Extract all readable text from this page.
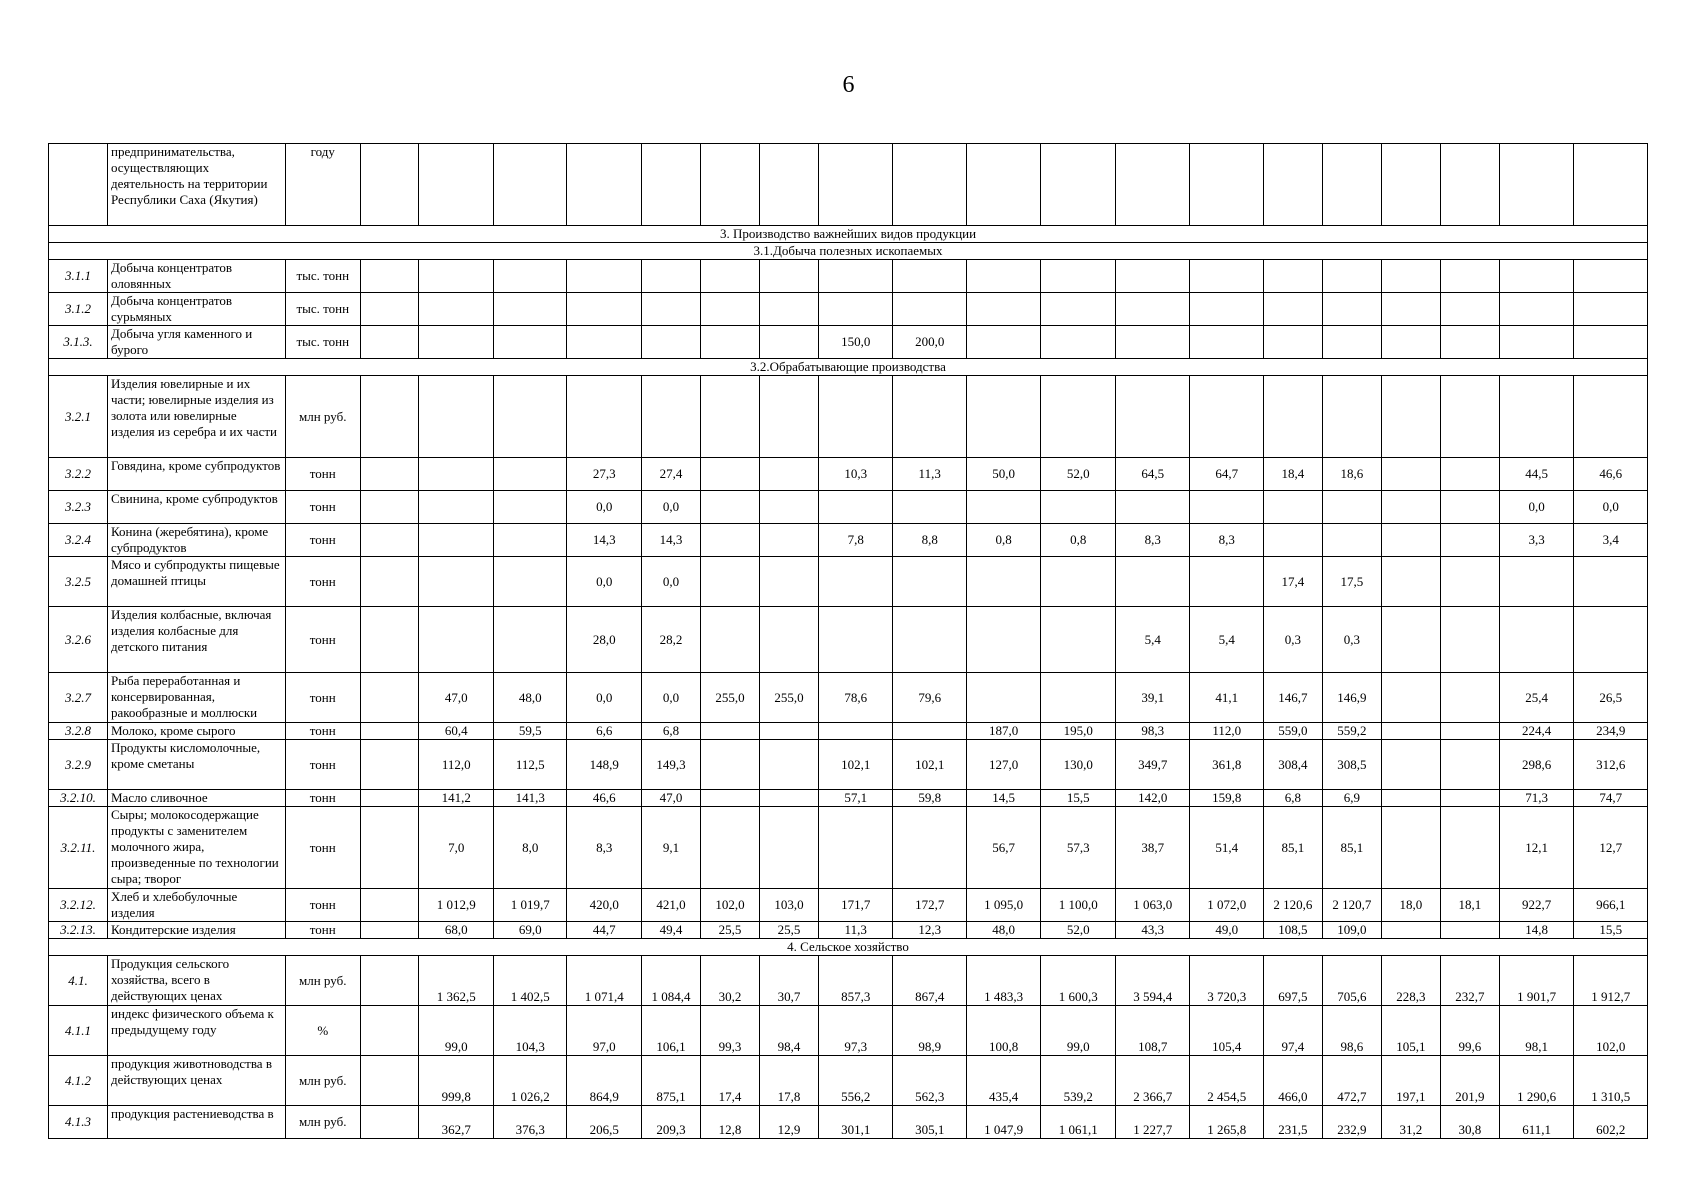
6
	предпринимательства, осуществляющих деятельность на территории Республики Саха (Якутия)	году																			
3. Производство важнейших видов продукции																					
3.1.Добыча полезных ископаемых																					
3.1.1	Добыча концентратов оловянных	тыс. тонн																			
3.1.2	Добыча концентратов сурьмяных	тыс. тонн																			
3.1.3.	Добыча угля каменного и бурого	тыс. тонн								150,0	200,0										
3.2.Обрабатывающие производства																					
3.2.1	Изделия ювелирные и их части; ювелирные изделия из золота или ювелирные изделия из серебра и их части	млн руб.																			
3.2.2	Говядина, кроме субпродуктов	тонн				27,3	27,4			10,3	11,3	50,0	52,0	64,5	64,7	18,4	18,6			44,5	46,6
3.2.3	Свинина, кроме субпродуктов	тонн				0,0	0,0													0,0	0,0
3.2.4	Конина (жеребятина), кроме субпродуктов	тонн				14,3	14,3			7,8	8,8	0,8	0,8	8,3	8,3					3,3	3,4
3.2.5	Мясо и субпродукты пищевые домашней птицы	тонн				0,0	0,0									17,4	17,5				
3.2.6	Изделия колбасные, включая изделия колбасные для детского питания	тонн				28,0	28,2							5,4	5,4	0,3	0,3				
3.2.7	Рыба переработанная и консервированная, ракообразные и моллюски	тонн		47,0	48,0	0,0	0,0	255,0	255,0	78,6	79,6			39,1	41,1	146,7	146,9			25,4	26,5
3.2.8	Молоко, кроме сырого	тонн		60,4	59,5	6,6	6,8					187,0	195,0	98,3	112,0	559,0	559,2			224,4	234,9
3.2.9	Продукты кисломолочные, кроме сметаны	тонн		112,0	112,5	148,9	149,3			102,1	102,1	127,0	130,0	349,7	361,8	308,4	308,5			298,6	312,6
3.2.10.	Масло сливочное	тонн		141,2	141,3	46,6	47,0			57,1	59,8	14,5	15,5	142,0	159,8	6,8	6,9			71,3	74,7
3.2.11.	Сыры; молокосодержащие продукты с заменителем молочного жира, произведенные по технологии сыра; творог	тонн		7,0	8,0	8,3	9,1					56,7	57,3	38,7	51,4	85,1	85,1			12,1	12,7
3.2.12.	Хлеб и хлебобулочные изделия	тонн		1 012,9	1 019,7	420,0	421,0	102,0	103,0	171,7	172,7	1 095,0	1 100,0	1 063,0	1 072,0	2 120,6	2 120,7	18,0	18,1	922,7	966,1
3.2.13.	Кондитерские изделия	тонн		68,0	69,0	44,7	49,4	25,5	25,5	11,3	12,3	48,0	52,0	43,3	49,0	108,5	109,0			14,8	15,5
4. Сельское хозяйство																					
4.1.	Продукция сельского хозяйства, всего в действующих ценах	млн руб.		1 362,5	1 402,5	1 071,4	1 084,4	30,2	30,7	857,3	867,4	1 483,3	1 600,3	3 594,4	3 720,3	697,5	705,6	228,3	232,7	1 901,7	1 912,7
4.1.1	индекс физического объема к предыдущему году	%		99,0	104,3	97,0	106,1	99,3	98,4	97,3	98,9	100,8	99,0	108,7	105,4	97,4	98,6	105,1	99,6	98,1	102,0
4.1.2	продукция животноводства в действующих ценах	млн руб.		999,8	1 026,2	864,9	875,1	17,4	17,8	556,2	562,3	435,4	539,2	2 366,7	2 454,5	466,0	472,7	197,1	201,9	1 290,6	1 310,5
4.1.3	продукция растениеводства в	млн руб.		362,7	376,3	206,5	209,3	12,8	12,9	301,1	305,1	1 047,9	1 061,1	1 227,7	1 265,8	231,5	232,9	31,2	30,8	611,1	602,2
